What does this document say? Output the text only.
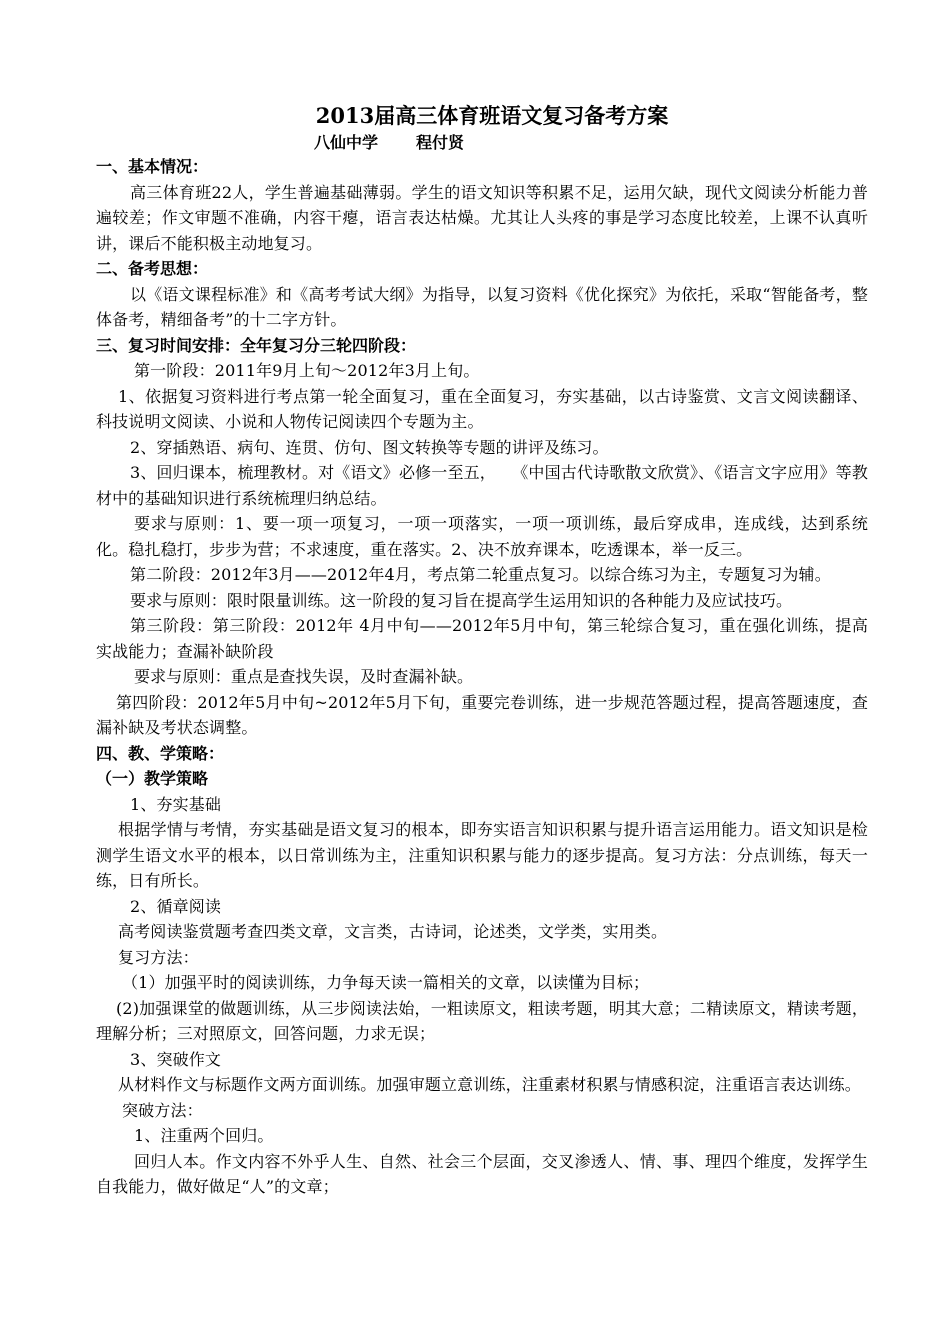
2013届高三体育班语文复习备考方案
八仙中学 程付贤
一、基本情况：
高三体育班22人，学生普遍基础薄弱。学生的语文知识等积累不足，运用欠缺，现代文阅读分析能力普遍较差；作文审题不准确，内容干瘪，语言表达枯燥。尤其让人头疼的事是学习态度比较差，上课不认真听讲，课后不能积极主动地复习。
二、备考思想：
以《语文课程标准》和《高考考试大纲》为指导，以复习资料《优化探究》为依托，采取“智能备考，整体备考，精细备考”的十二字方针。
三、复习时间安排：全年复习分三轮四阶段：
第一阶段：2011年9月上旬～2012年3月上旬。
1、依据复习资料进行考点第一轮全面复习，重在全面复习，夯实基础，以古诗鉴赏、文言文阅读翻译、科技说明文阅读、小说和人物传记阅读四个专题为主。
2、穿插熟语、病句、连贯、仿句、图文转换等专题的讲评及练习。
3、回归课本，梳理教材。对《语文》必修一至五，　　《中国古代诗歌散文欣赏》、《语言文字应用》等教材中的基础知识进行系统梳理归纳总结。
要求与原则：1、要一项一项复习，一项一项落实，一项一项训练，最后穿成串，连成线，达到系统化。稳扎稳打，步步为营；不求速度，重在落实。2、决不放弃课本，吃透课本，举一反三。
第二阶段：2012年3月——2012年4月，考点第二轮重点复习。以综合练习为主，专题复习为辅。
要求与原则：限时限量训练。这一阶段的复习旨在提高学生运用知识的各种能力及应试技巧。
第三阶段：第三阶段：2012年 4月中旬——2012年5月中旬，第三轮综合复习，重在强化训练，提高实战能力；查漏补缺阶段
要求与原则：重点是查找失误，及时查漏补缺。
第四阶段：2012年5月中旬~2012年5月下旬，重要完卷训练，进一步规范答题过程，提高答题速度，查漏补缺及考状态调整。
四、教、学策略：
（一）教学策略
1、夯实基础
根据学情与考情，夯实基础是语文复习的根本，即夯实语言知识积累与提升语言运用能力。语文知识是检测学生语文水平的根本，以日常训练为主，注重知识积累与能力的逐步提高。复习方法：分点训练，每天一练，日有所长。
2、循章阅读
高考阅读鉴赏题考查四类文章，文言类，古诗词，论述类，文学类，实用类。
复习方法：
（1）加强平时的阅读训练，力争每天读一篇相关的文章，以读懂为目标；
(2)加强课堂的做题训练，从三步阅读法始，一粗读原文，粗读考题，明其大意；二精读原文，精读考题，理解分析；三对照原文，回答问题，力求无误；
3、突破作文
从材料作文与标题作文两方面训练。加强审题立意训练，注重素材积累与情感积淀，注重语言表达训练。
突破方法：
1、注重两个回归。
回归人本。作文内容不外乎人生、自然、社会三个层面，交叉渗透人、情、事、理四个维度，发挥学生自我能力，做好做足“人”的文章；
